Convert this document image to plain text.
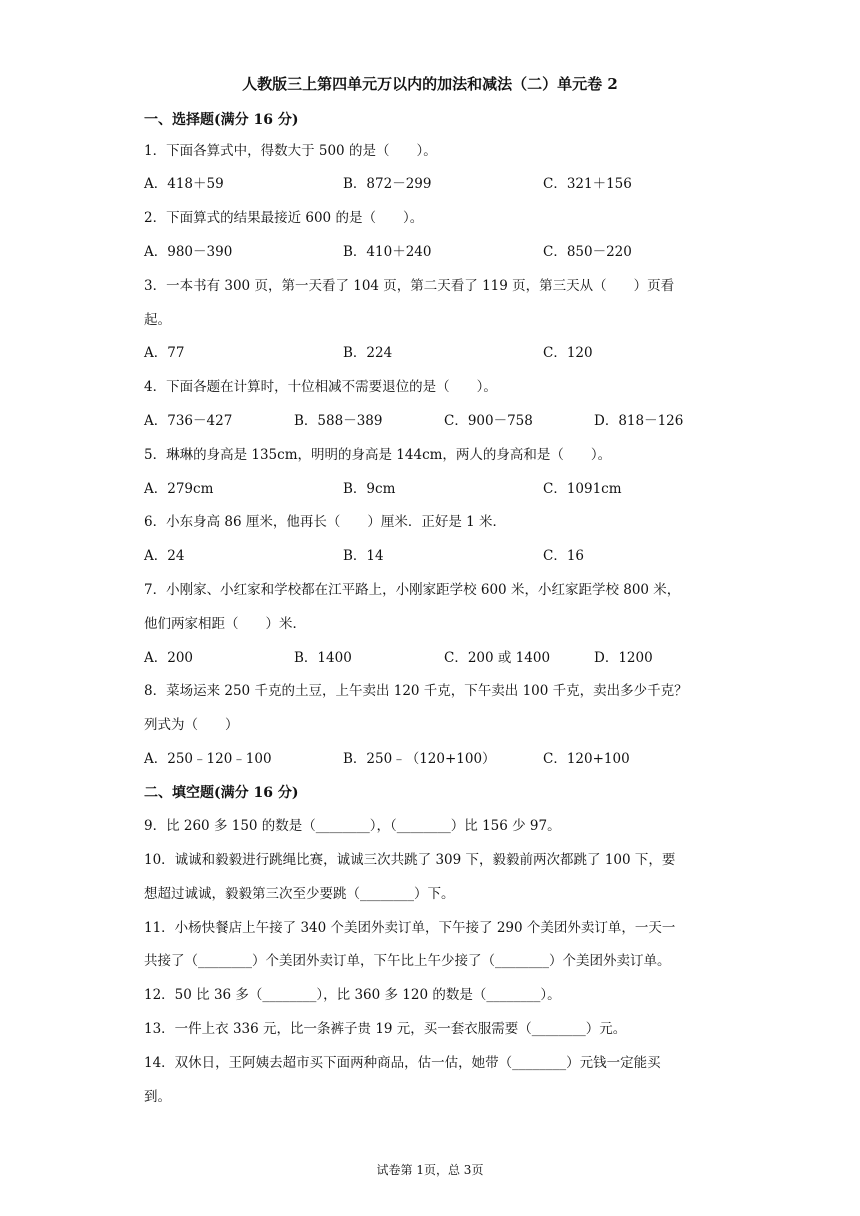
人教版三上第四单元万以内的加法和减法（二）单元卷 2
一、选择题(满分 16 分)
1．下面各算式中，得数大于 500 的是（　　）。
A．418＋59	B．872－299	C．321＋156
2．下面算式的结果最接近 600 的是（　　）。
A．980－390	B．410＋240	C．850－220
3．一本书有 300 页，第一天看了 104 页，第二天看了 119 页，第三天从（　　）页看
起。
A．77	B．224	C．120
4．下面各题在计算时，十位相减不需要退位的是（　　）。
A．736－427	B．588－389	C．900－758	D．818－126
5．琳琳的身高是 135cm，明明的身高是 144cm，两人的身高和是（　　）。
A．279cm	B．9cm	C．1091cm
6．小东身高 86 厘米，他再长（　　）厘米．正好是 1 米．
A．24	B．14	C．16
7．小刚家、小红家和学校都在江平路上，小刚家距学校 600 米，小红家距学校 800 米，
他们两家相距（　　）米．
A．200	B．1400	C．200 或 1400	D．1200
8．菜场运来 250 千克的土豆，上午卖出 120 千克，下午卖出 100 千克，卖出多少千克？
列式为（　　）
A．250﹣120﹣100	B．250﹣（120+100）	C．120+100
二、填空题(满分 16 分)
9．比 260 多 150 的数是（________），（________）比 156 少 97。
10．诚诚和毅毅进行跳绳比赛，诚诚三次共跳了 309 下，毅毅前两次都跳了 100 下，要
想超过诚诚，毅毅第三次至少要跳（________）下。
11．小杨快餐店上午接了 340 个美团外卖订单，下午接了 290 个美团外卖订单，一天一
共接了（________）个美团外卖订单，下午比上午少接了（________）个美团外卖订单。
12．50 比 36 多（________），比 360 多 120 的数是（________）。
13．一件上衣 336 元，比一条裤子贵 19 元，买一套衣服需要（________）元。
14．双休日，王阿姨去超市买下面两种商品，估一估，她带（________）元钱一定能买
到。
试卷第 1页，总 3页
